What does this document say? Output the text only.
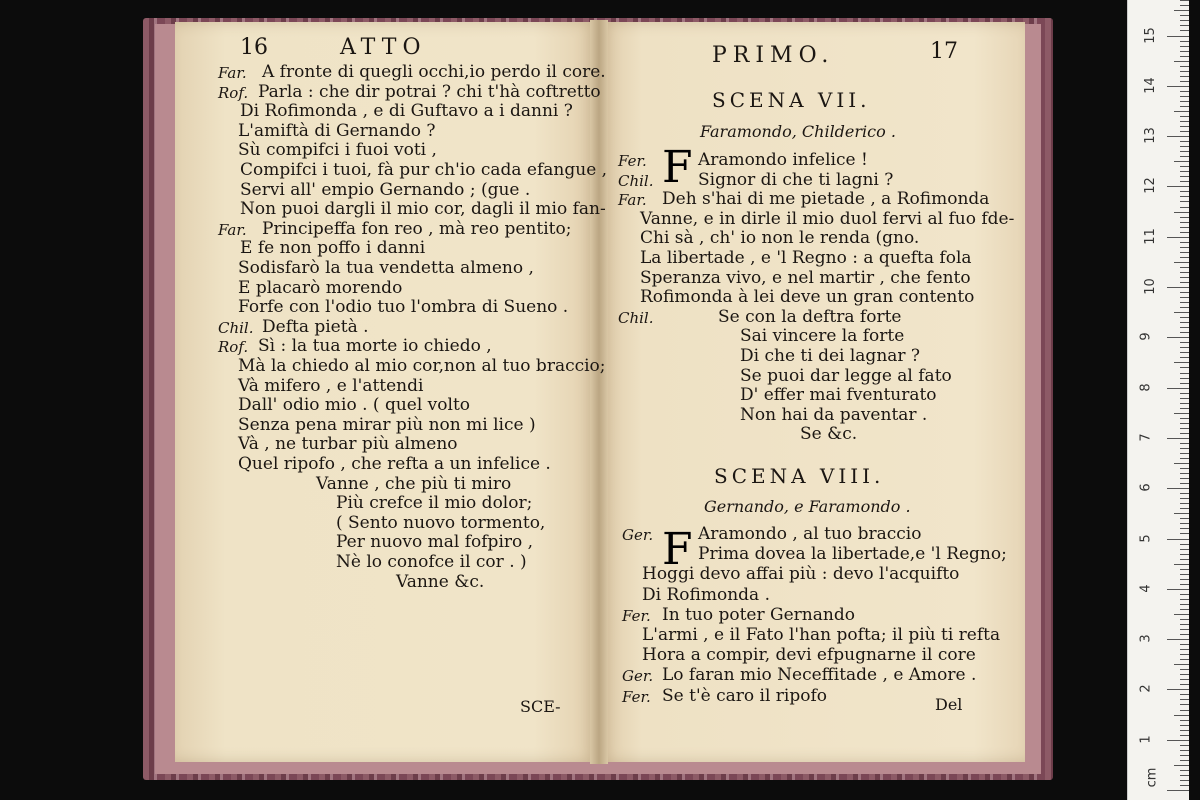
16	ATTO
Far. A fronte di quegli occhi,io perdo il core.
Rof. Parla : che dir potrai ? chi t'hà coftretto
Di Rofimonda , e di Guftavo a i danni ?
L'amiftà di Gernando ?
Sù compifci i fuoi voti ,
Compifci i tuoi, fà pur ch'io cada efangue ,
Servi all' empio Gernando ; (gue .
Non puoi dargli il mio cor, dagli il mio fan-
Far. Principeffa fon reo , mà reo pentito;
E fe non poffo i danni
Sodisfarò la tua vendetta almeno ,
E placarò morendo
Forfe con l'odio tuo l'ombra di Sueno .
Chil. Defta pietà .
Rof. Sì : la tua morte io chiedo ,
Mà la chiedo al mio cor,non al tuo braccio;
Và mifero , e l'attendi
Dall' odio mio . ( quel volto
Senza pena mirar più non mi lice )
Và , ne turbar più almeno
Quel ripofo , che refta a un infelice .
Vanne , che più ti miro
Più crefce il mio dolor;
( Sento nuovo tormento,
Per nuovo mal fofpiro ,
Nè lo conofce il cor . )
Vanne &c.
SCE-
PRIMO.	17
SCENA VII.
Faramondo, Childerico .
SCENA VIII.
Gernando, e Faramondo .
F
F
Fer.	Aramondo infelice !
Chil.	Signor di che ti lagni ?
Far. Deh s'hai di me pietade , a Rofimonda
Vanne, e in dirle il mio duol fervi al fuo fde-
Chi sà , ch' io non le renda (gno.
La libertade , e 'l Regno : a quefta fola
Speranza vivo, e nel martir , che fento
Rofimonda à lei deve un gran contento
Chil.	Se con la deftra forte
Sai vincere la forte
Di che ti dei lagnar ?
Se puoi dar legge al fato
D' effer mai fventurato
Non hai da paventar .
Se &c.
Ger.	Aramondo , al tuo braccio
Prima dovea la libertade,e 'l Regno;
Hoggi devo affai più : devo l'acquifto
Di Rofimonda .
Fer. In tuo poter Gernando
L'armi , e il Fato l'han pofta; il più ti refta
Hora a compir, devi efpugnarne il core
Ger. Lo faran mio Neceffitade , e Amore .
Fer. Se t'è caro il ripofo	Del
15
14
13
12
11
10
9
8
7
6
5
4
3
2
1
cm
